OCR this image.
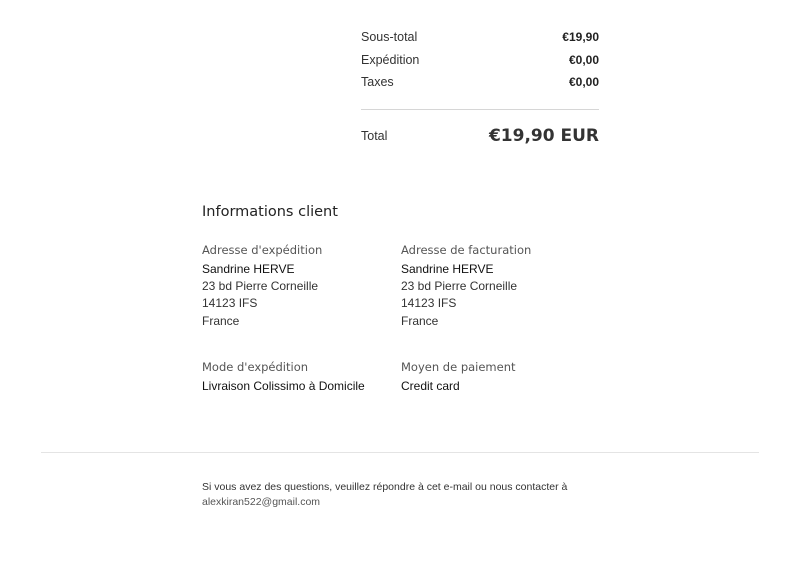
Sous-total	€19,90
Expédition	€0,00
Taxes	€0,00
Total	€19,90 EUR
Informations client
Adresse d'expédition
Sandrine HERVE
23 bd Pierre Corneille
14123 IFS
France
Adresse de facturation
Sandrine HERVE
23 bd Pierre Corneille
14123 IFS
France
Mode d'expédition
Livraison Colissimo à Domicile
Moyen de paiement
Credit card
Si vous avez des questions, veuillez répondre à cet e-mail ou nous contacter à
alexkiran522@gmail.com
